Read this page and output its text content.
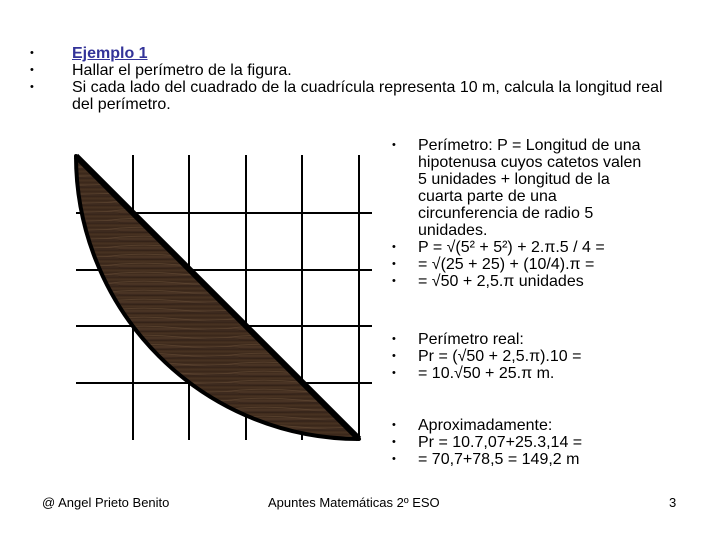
• Ejemplo 1
• Hallar el perímetro de la figura.
• Si cada lado del cuadrado de la cuadrícula representa 10 m, calcula la longitud real del perímetro.
• Perímetro: P = Longitud de una hipotenusa cuyos catetos valen 5 unidades + longitud de la cuarta parte de una circunferencia de radio 5 unidades.
• P = √(5² + 5²) + 2.π.5 / 4 =
• = √(25 + 25) + (10/4).π =
• = √50 + 2,5.π unidades
• Perímetro real:
• Pr = (√50 + 2,5.π).10 =
• = 10.√50 + 25.π m.
• Aproximadamente:
• Pr = 10.7,07+25.3,14 =
• = 70,7+78,5 = 149,2 m
@ Angel Prieto Benito	Apuntes Matemáticas 2º ESO	3
